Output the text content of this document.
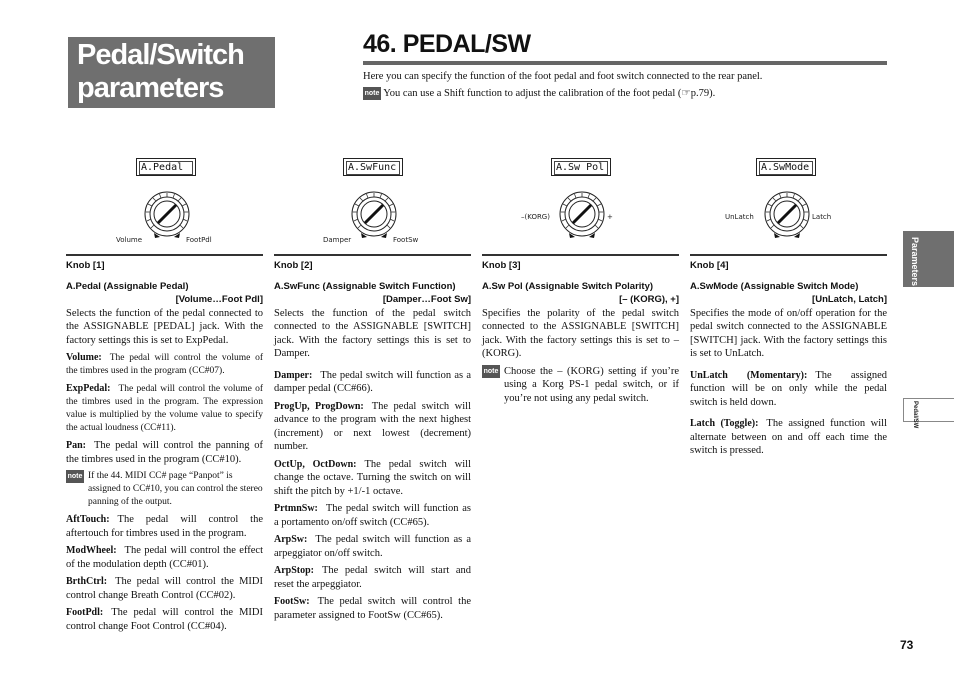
Pedal/Switch parameters
46. PEDAL/SW
Here you can specify the function of the foot pedal and foot switch connected to the rear panel.
note You can use a Shift function to adjust the calibration of the foot pedal (☞p.79).
A.Pedal	A.SwFunc	A.Sw Pol	A.SwMode
Volume	FootPdl	Damper	FootSw
–(KORG)	+	UnLatch	Latch
Knob [1]
A.Pedal (Assignable Pedal)
[Volume…Foot Pdl]

Selects the function of the pedal connected to the ASSIGNABLE [PEDAL] jack. With the factory settings this is set to ExpPedal.

Volume: The pedal will control the volume of the timbres used in the program (CC#07).

ExpPedal: The pedal will control the volume of the timbres used in the program. The expression value is multiplied by the volume value to specify the actual loudness (CC#11).

Pan: The pedal will control the panning of the timbres used in the program (CC#10).

note If the 44. MIDI CC# page “Panpot” is assigned to CC#10, you can control the stereo panning of the output.

AftTouch: The pedal will control the aftertouch for timbres used in the program.

ModWheel: The pedal will control the effect of the modulation depth (CC#01).

BrthCtrl: The pedal will control the MIDI control change Breath Control (CC#02).

FootPdl: The pedal will control the MIDI control change Foot Control (CC#04).

Knob [2]
A.SwFunc (Assignable Switch Function)
[Damper…Foot Sw]

Selects the function of the pedal switch connected to the ASSIGNABLE [SWITCH] jack. With the factory settings this is set to Damper.

Damper: The pedal switch will function as a damper pedal (CC#66).

ProgUp, ProgDown: The pedal switch will advance to the program with the next highest (increment) or next lowest (decrement) number.

OctUp, OctDown: The pedal switch will change the octave. Turning the switch on will shift the pitch by +1/-1 octave.

PrtmnSw: The pedal switch will function as a portamento on/off switch (CC#65).

ArpSw: The pedal switch will function as a arpeggiator on/off switch.

ArpStop: The pedal switch will start and reset the arpeggiator.

FootSw: The pedal switch will control the parameter assigned to FootSw (CC#65).

Knob [3]
A.Sw Pol (Assignable Switch Polarity)
[– (KORG), +]

Specifies the polarity of the pedal switch connected to the ASSIGNABLE [SWITCH] jack. With the factory settings this is set to – (KORG).

note Choose the – (KORG) setting if you’re using a Korg PS-1 pedal switch, or if you’re not using any pedal switch.
Knob [4]
A.SwMode (Assignable Switch Mode)
[UnLatch, Latch]

Specifies the mode of on/off operation for the pedal switch connected to the ASSIGNABLE [SWITCH] jack. With the factory settings this is set to UnLatch.

UnLatch (Momentary): The assigned function will be on only while the pedal switch is held down.

Latch (Toggle): The assigned function will alternate between on and off each time the switch is pressed.

Parameters
Pedal/SW
73
